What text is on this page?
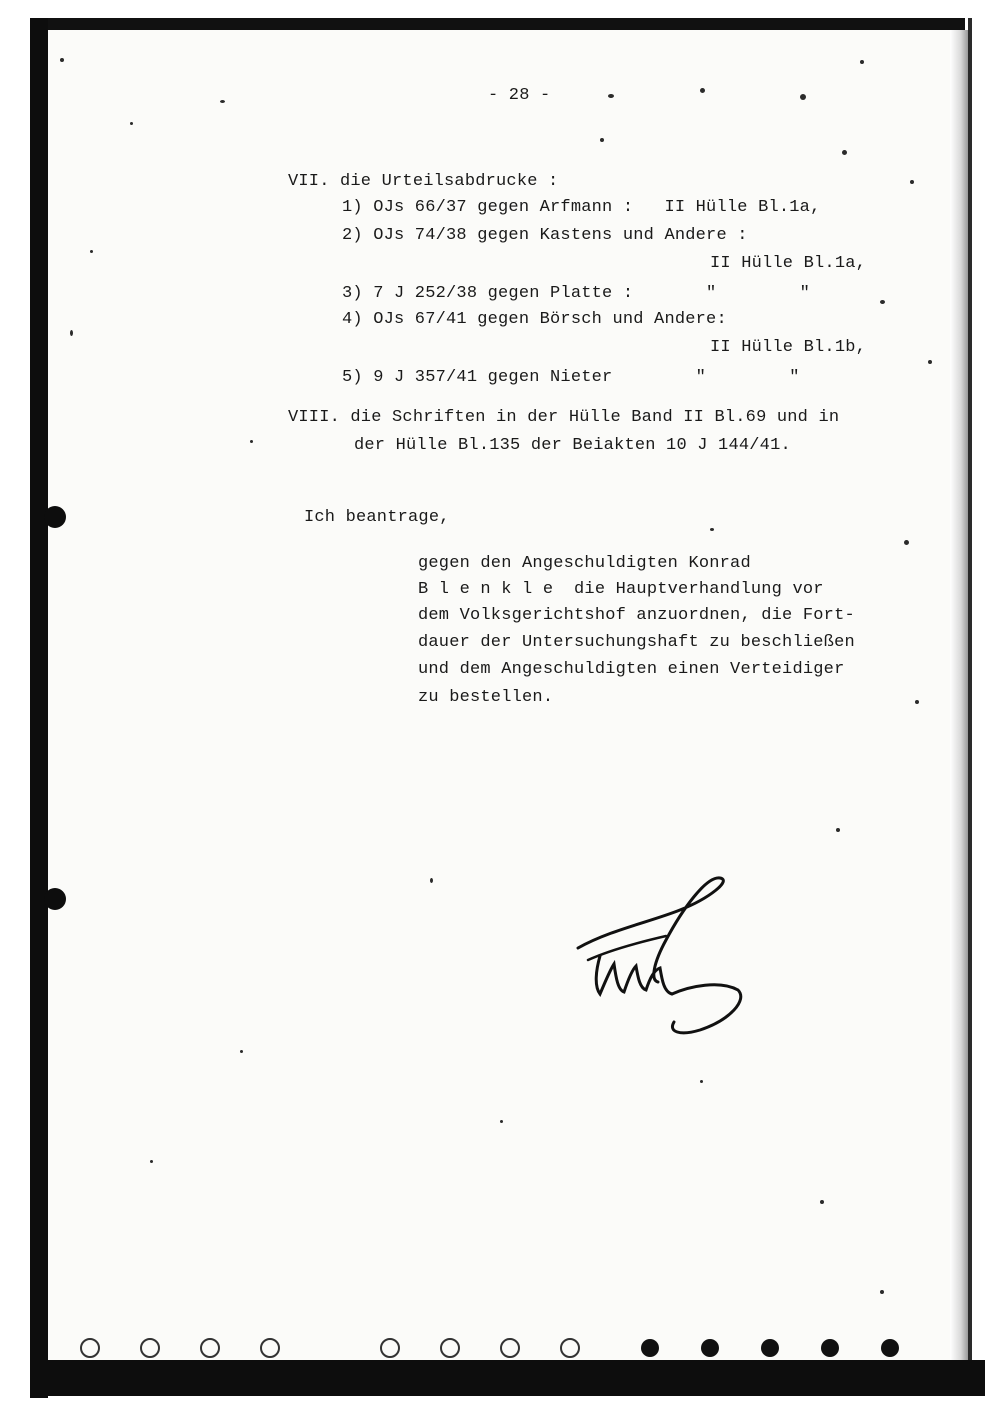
- 28 -
VII. die Urteilsabdrucke :
1) OJs 66/37 gegen Arfmann :   II Hülle Bl.1a,
2) OJs 74/38 gegen Kastens und Andere :
II Hülle Bl.1a,
3) 7 J 252/38 gegen Platte :       "        "
4) OJs 67/41 gegen Börsch und Andere:
II Hülle Bl.1b,
5) 9 J 357/41 gegen Nieter        "        "
VIII. die Schriften in der Hülle Band II Bl.69 und in
der Hülle Bl.135 der Beiakten 10 J 144/41.
Ich beantrage,
gegen den Angeschuldigten Konrad
B l e n k l e  die Hauptverhandlung vor
dem Volksgerichtshof anzuordnen, die Fort-
dauer der Untersuchungshaft zu beschließen
und dem Angeschuldigten einen Verteidiger
zu bestellen.
